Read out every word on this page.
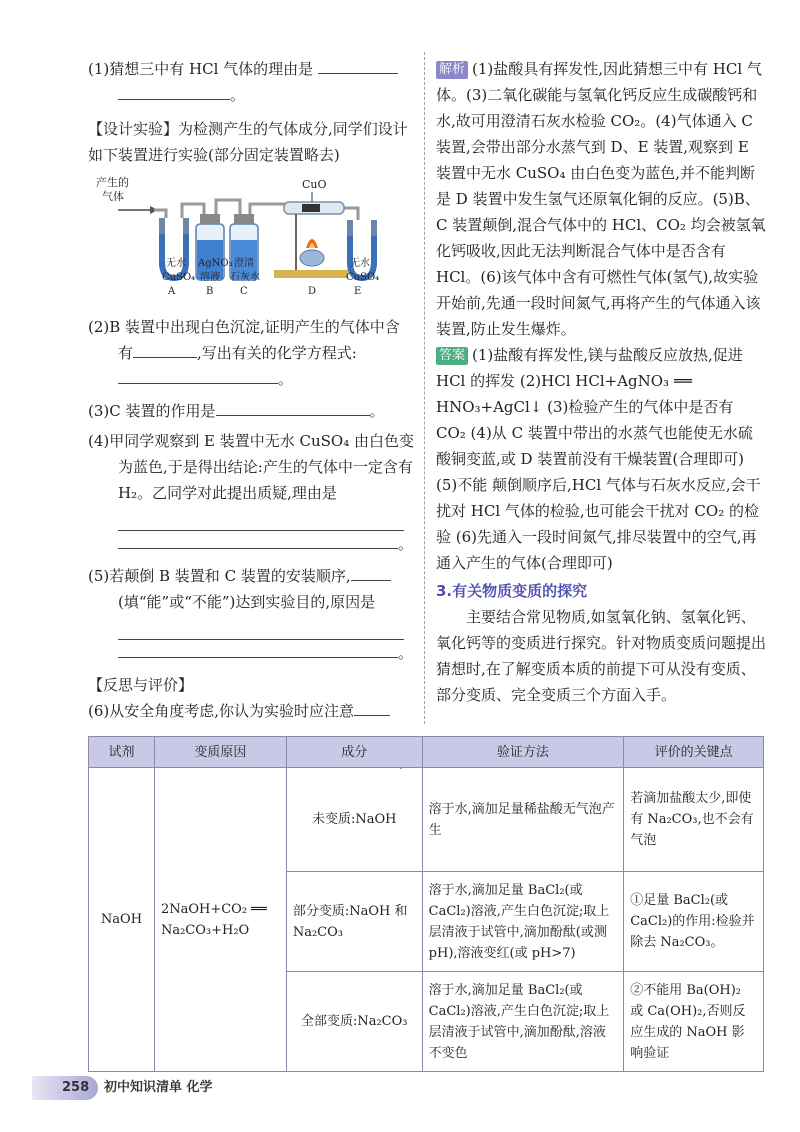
(1)猜想三中有 HCl 气体的理由是

。

【设计实验】为检测产生的气体成分,同学们设计如下装置进行实验(部分固定装置略去)

产生的
气体
CuO
无水
CuSO₄
A
AgNO₃
溶液
B
澄清
石灰水
C	D
无水
CuSO₄
E

(2)B 装置中出现白色沉淀,证明产生的气体中含有	,写出有关的化学方程式:

。

(3)C 装置的作用是	。

(4)甲同学观察到 E 装置中无水 CuSO₄ 由白色变为蓝色,于是得出结论:产生的气体中一定含有 H₂。乙同学对此提出质疑,理由是

。

(5)若颠倒 B 装置和 C 装置的安装顺序,(填“能”或“不能”)达到实验目的,原因是

。

【反思与评价】

(6)从安全角度考虑,你认为实验时应注意

解析 (1)盐酸具有挥发性,因此猜想三中有 HCl 气体。(3)二氧化碳能与氢氧化钙反应生成碳酸钙和水,故可用澄清石灰水检验 CO₂。(4)气体通入 C 装置,会带出部分水蒸气到 D、E 装置,观察到 E 装置中无水 CuSO₄ 由白色变为蓝色,并不能判断是 D 装置中发生氢气还原氧化铜的反应。(5)B、C 装置颠倒,混合气体中的 HCl、CO₂ 均会被氢氧化钙吸收,因此无法判断混合气体中是否含有 HCl。(6)该气体中含有可燃性气体(氢气),故实验开始前,先通一段时间氮气,再将产生的气体通入该装置,防止发生爆炸。

答案 (1)盐酸有挥发性,镁与盐酸反应放热,促进 HCl 的挥发 (2)HCl HCl+AgNO₃ ══ HNO₃+AgCl↓ (3)检验产生的气体中是否有 CO₂ (4)从 C 装置中带出的水蒸气也能使无水硫酸铜变蓝,或 D 装置前没有干燥装置(合理即可) (5)不能 颠倒顺序后,HCl 气体与石灰水反应,会干扰对 HCl 气体的检验,也可能会干扰对 CO₂ 的检验 (6)先通入一段时间氮气,排尽装置中的空气,再通入产生的气体(合理即可)

3.有关物质变质的探究

主要结合常见物质,如氢氧化钠、氢氧化钙、氧化钙等的变质进行探究。针对物质变质问题提出猜想时,在了解变质本质的前提下可从没有变质、部分变质、完全变质三个方面入手。

试剂	变质原因	成分	验证方法	评价的关键点
NaOH	2NaOH+CO₂ ══ Na₂CO₃+H₂O	未变质:NaOH	溶于水,滴加足量稀盐酸无气泡产生	若滴加盐酸太少,即使有 Na₂CO₃,也不会有气泡
		部分变质:NaOH 和 Na₂CO₃	溶于水,滴加足量 BaCl₂(或 CaCl₂)溶液,产生白色沉淀;取上层清液于试管中,滴加酚酞(或测 pH),溶液变红(或 pH>7)	①足量 BaCl₂(或 CaCl₂)的作用:检验并除去 Na₂CO₃。
		全部变质:Na₂CO₃	溶于水,滴加足量 BaCl₂(或 CaCl₂)溶液,产生白色沉淀;取上层清液于试管中,滴加酚酞,溶液不变色	②不能用 Ba(OH)₂ 或 Ca(OH)₂,否则反应生成的 NaOH 影响验证
258 初中知识清单 化学
